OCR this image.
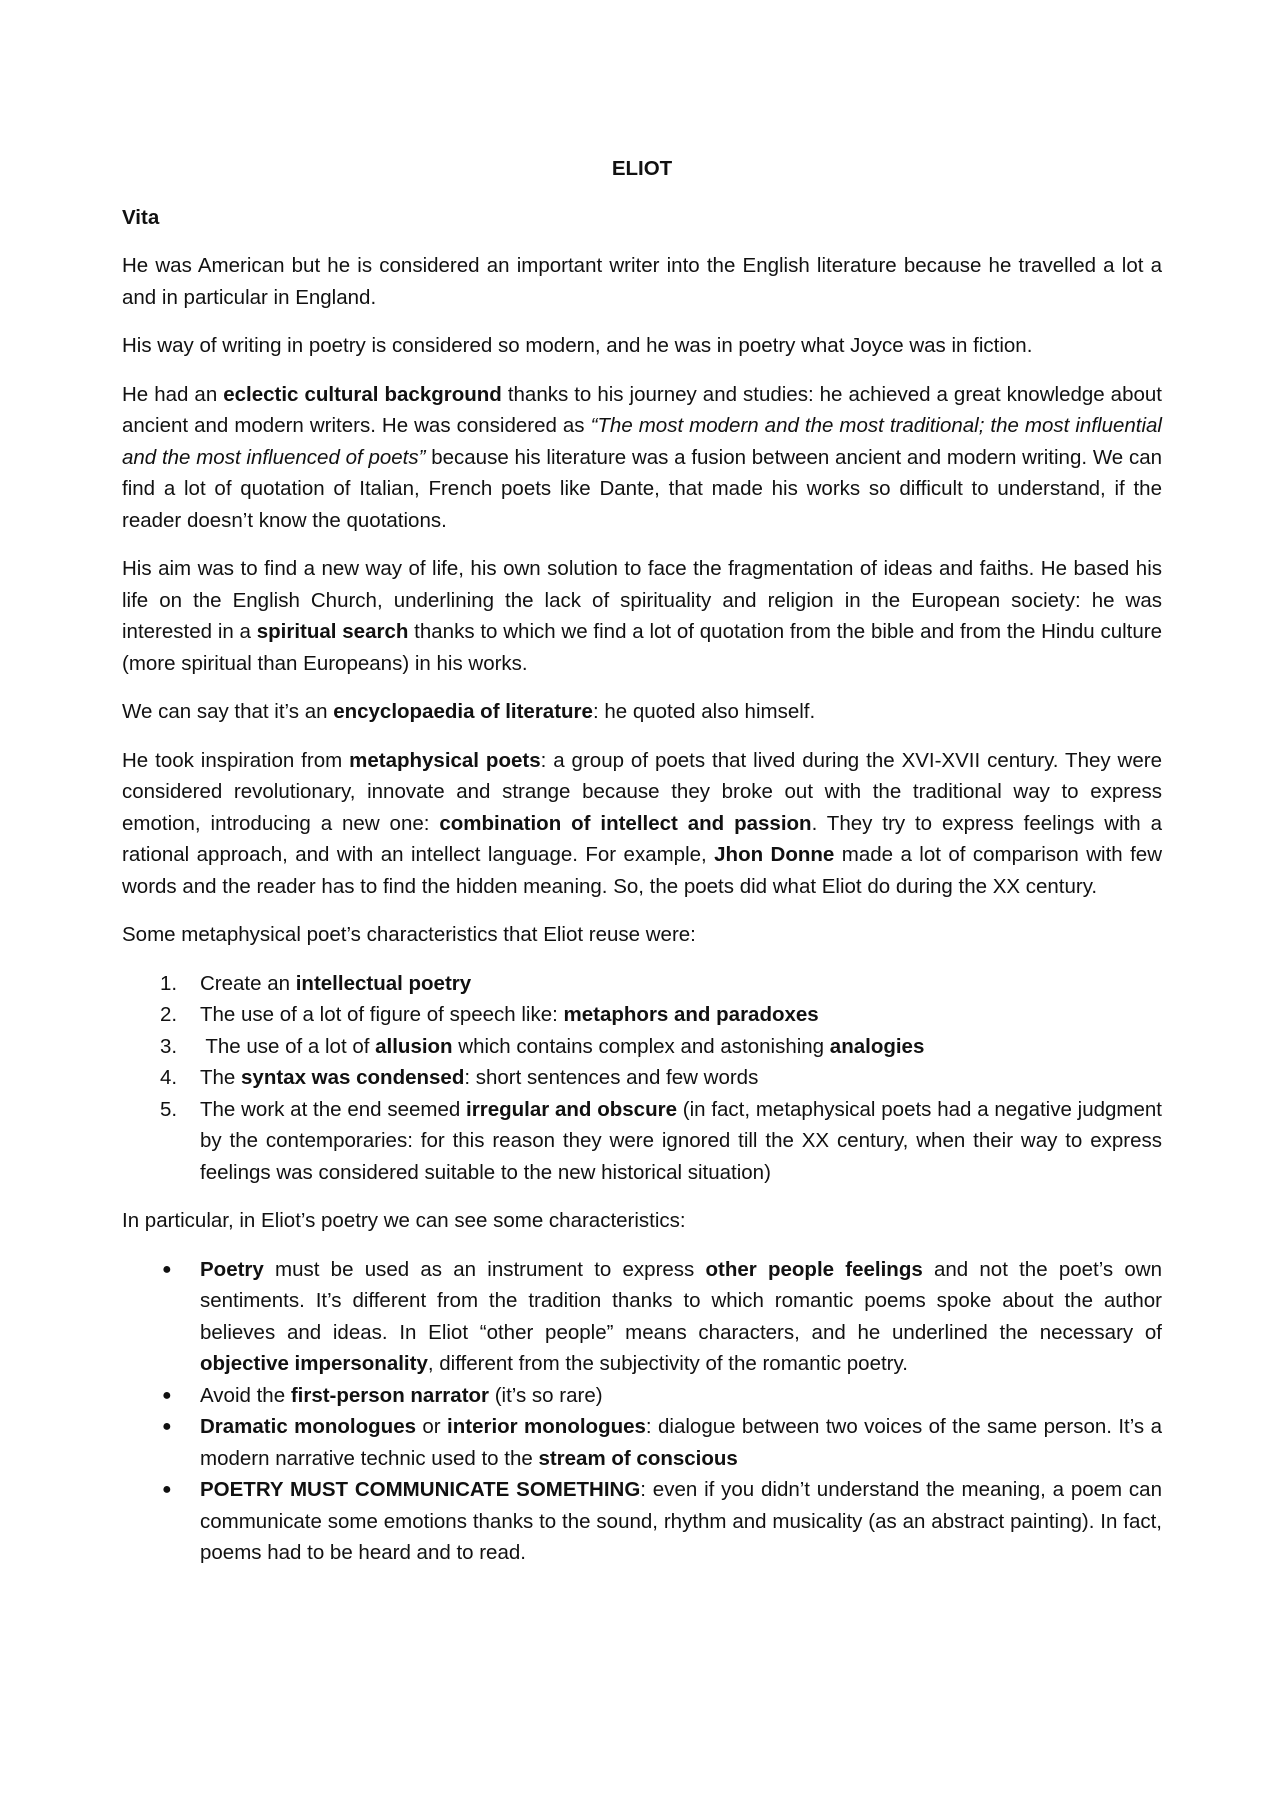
ELIOT
Vita

He was American but he is considered an important writer into the English literature because he travelled a lot a and in particular in England.

His way of writing in poetry is considered so modern, and he was in poetry what Joyce was in fiction.

He had an eclectic cultural background thanks to his journey and studies: he achieved a great knowledge about ancient and modern writers. He was considered as “The most modern and the most traditional; the most influential and the most influenced of poets” because his literature was a fusion between ancient and modern writing. We can find a lot of quotation of Italian, French poets like Dante, that made his works so difficult to understand, if the reader doesn’t know the quotations.

His aim was to find a new way of life, his own solution to face the fragmentation of ideas and faiths. He based his life on the English Church, underlining the lack of spirituality and religion in the European society: he was interested in a spiritual search thanks to which we find a lot of quotation from the bible and from the Hindu culture (more spiritual than Europeans) in his works.

We can say that it’s an encyclopaedia of literature: he quoted also himself.

He took inspiration from metaphysical poets: a group of poets that lived during the XVI-XVII century. They were considered revolutionary, innovate and strange because they broke out with the traditional way to express emotion, introducing a new one: combination of intellect and passion. They try to express feelings with a rational approach, and with an intellect language. For example, Jhon Donne made a lot of comparison with few words and the reader has to find the hidden meaning. So, the poets did what Eliot do during the XX century.

Some metaphysical poet’s characteristics that Eliot reuse were:

1. Create an intellectual poetry
2. The use of a lot of figure of speech like: metaphors and paradoxes
3. The use of a lot of allusion which contains complex and astonishing analogies
4. The syntax was condensed: short sentences and few words
5. The work at the end seemed irregular and obscure (in fact, metaphysical poets had a negative judgment by the contemporaries: for this reason they were ignored till the XX century, when their way to express feelings was considered suitable to the new historical situation)

In particular, in Eliot’s poetry we can see some characteristics:

● Poetry must be used as an instrument to express other people feelings and not the poet’s own sentiments. It’s different from the tradition thanks to which romantic poems spoke about the author believes and ideas. In Eliot “other people” means characters, and he underlined the necessary of objective impersonality, different from the subjectivity of the romantic poetry.
● Avoid the first-person narrator (it’s so rare)
● Dramatic monologues or interior monologues: dialogue between two voices of the same person. It’s a modern narrative technic used to the stream of conscious
● POETRY MUST COMMUNICATE SOMETHING: even if you didn’t understand the meaning, a poem can communicate some emotions thanks to the sound, rhythm and musicality (as an abstract painting). In fact, poems had to be heard and to read.
